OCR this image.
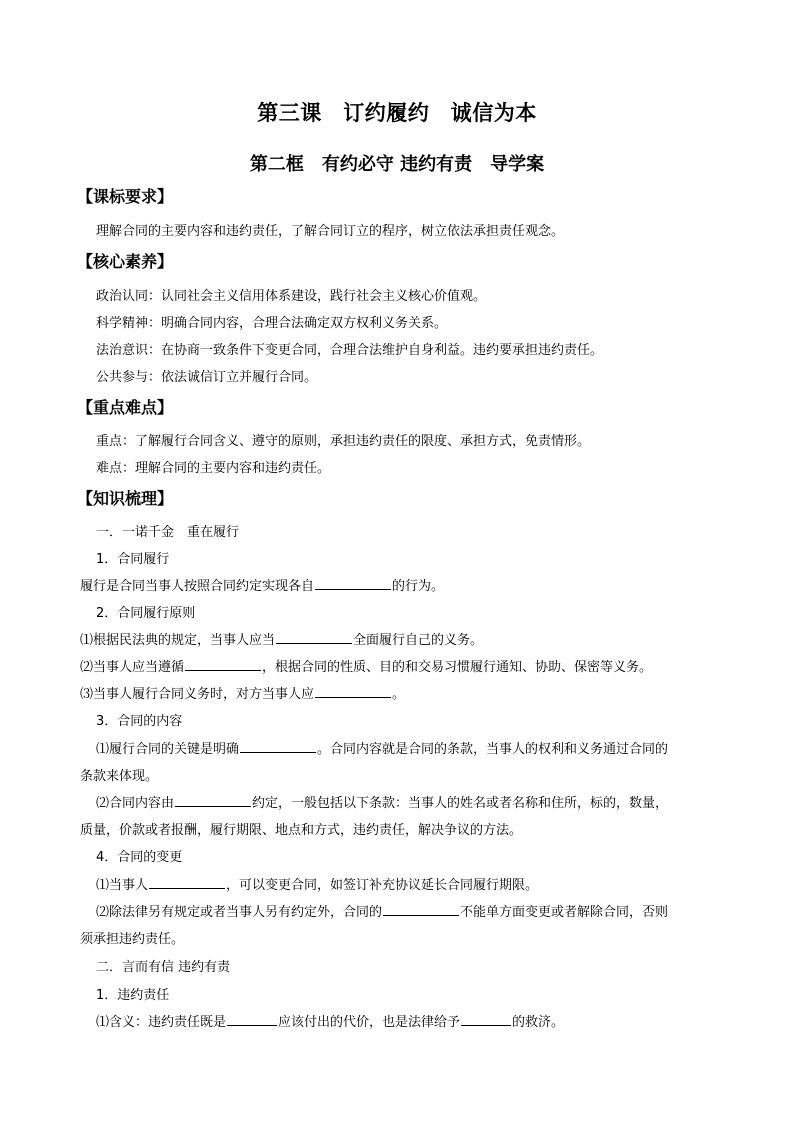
第三课　订约履约　诚信为本
第二框　有约必守 违约有责　导学案
【课标要求】
理解合同的主要内容和违约责任，了解合同订立的程序，树立依法承担责任观念。
【核心素养】
政治认同：认同社会主义信用体系建设，践行社会主义核心价值观。
科学精神：明确合同内容，合理合法确定双方权利义务关系。
法治意识：在协商一致条件下变更合同，合理合法维护自身利益。违约要承担违约责任。
公共参与：依法诚信订立并履行合同。
【重点难点】
重点：了解履行合同含义、遵守的原则，承担违约责任的限度、承担方式，免责情形。
难点：理解合同的主要内容和违约责任。
【知识梳理】
一．一诺千金　重在履行
1．合同履行
履行是合同当事人按照合同约定实现各自	的行为。
2．合同履行原则
⑴根据民法典的规定，当事人应当	全面履行自己的义务。
⑵当事人应当遵循	，根据合同的性质、目的和交易习惯履行通知、协助、保密等义务。
⑶当事人履行合同义务时，对方当事人应	。
3．合同的内容
⑴履行合同的关键是明确	。合同内容就是合同的条款，当事人的权利和义务通过合同的
条款来体现。
⑵合同内容由	约定，一般包括以下条款：当事人的姓名或者名称和住所，标的，数量，
质量，价款或者报酬，履行期限、地点和方式，违约责任，解决争议的方法。
4．合同的变更
⑴当事人	，可以变更合同，如签订补充协议延长合同履行期限。
⑵除法律另有规定或者当事人另有约定外，合同的	不能单方面变更或者解除合同，否则
须承担违约责任。
二．言而有信 违约有责
1．违约责任
⑴含义：违约责任既是	应该付出的代价，也是法律给予	的救济。
